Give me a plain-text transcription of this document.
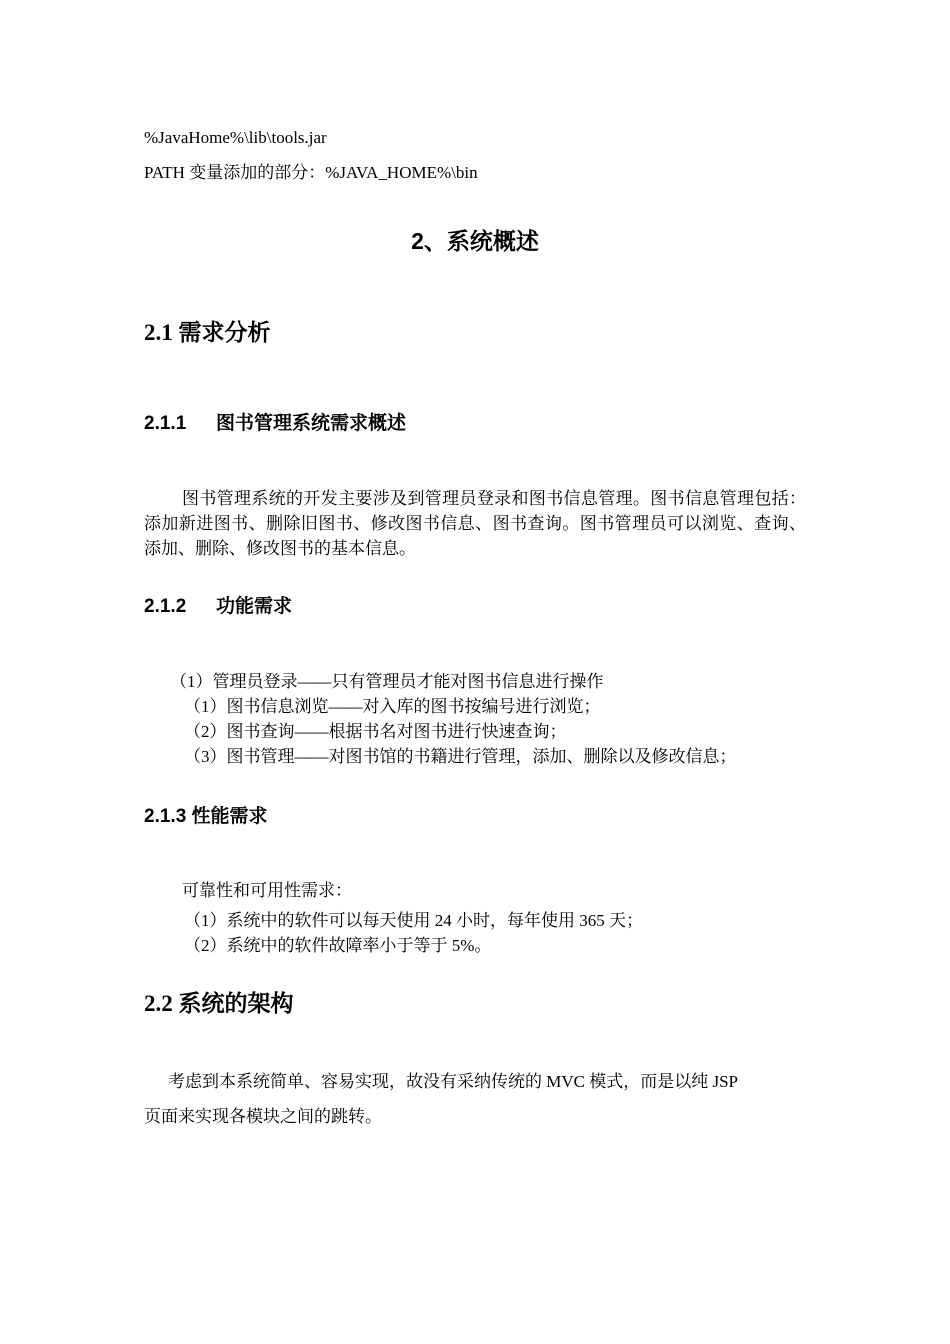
%JavaHome%\lib\tools.jar
PATH 变量添加的部分：%JAVA_HOME%\bin
2、系统概述
2.1 需求分析
2.1.1 图书管理系统需求概述
图书管理系统的开发主要涉及到管理员登录和图书信息管理。图书信息管理包括：添加新进图书、删除旧图书、修改图书信息、图书查询。图书管理员可以浏览、查询、添加、删除、修改图书的基本信息。
2.1.2 功能需求
（1）管理员登录——只有管理员才能对图书信息进行操作
（1）图书信息浏览——对入库的图书按编号进行浏览；
（2）图书查询——根据书名对图书进行快速查询；
（3）图书管理——对图书馆的书籍进行管理，添加、删除以及修改信息；
2.1.3 性能需求
可靠性和可用性需求：
（1）系统中的软件可以每天使用 24 小时，每年使用 365 天；
（2）系统中的软件故障率小于等于 5%。
2.2 系统的架构
考虑到本系统简单、容易实现，故没有采纳传统的 MVC 模式，而是以纯 JSP
页面来实现各模块之间的跳转。
